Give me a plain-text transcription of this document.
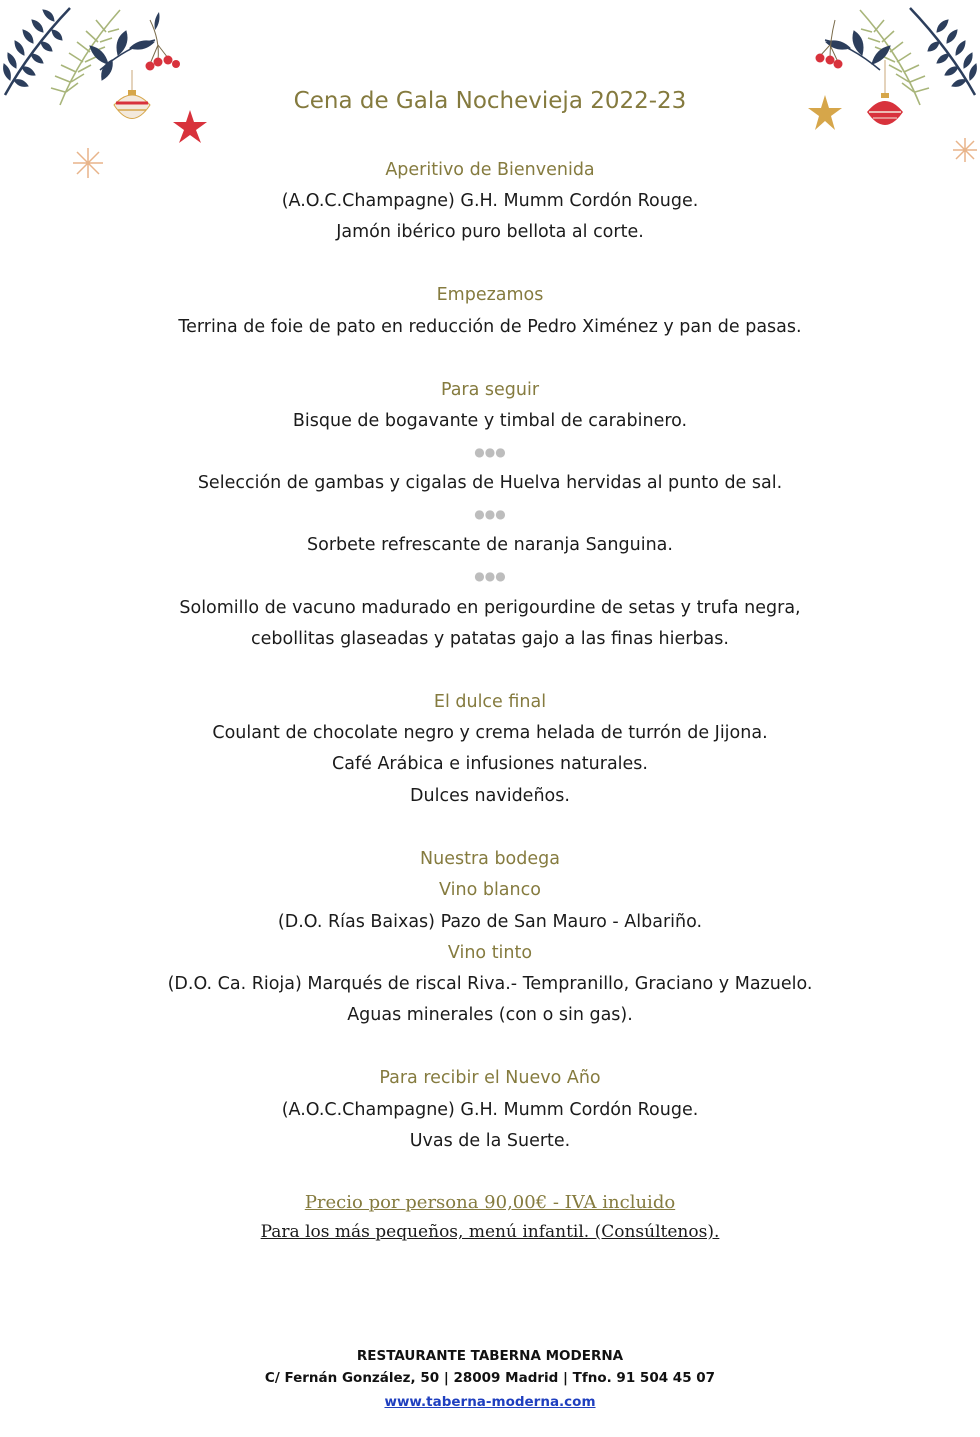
Cena de Gala Nochevieja 2022-23
Aperitivo de Bienvenida
(A.O.C.Champagne) G.H. Mumm Cordón Rouge.
Jamón ibérico puro bellota al corte.
Empezamos
Terrina de foie de pato en reducción de Pedro Ximénez y pan de pasas.
Para seguir
Bisque de bogavante y timbal de carabinero.
●●●
Selección de gambas y cigalas de Huelva hervidas al punto de sal.
●●●
Sorbete refrescante de naranja Sanguina.
●●●
Solomillo de vacuno madurado en perigourdine de setas y trufa negra,
cebollitas glaseadas y patatas gajo a las finas hierbas.
El dulce final
Coulant de chocolate negro y crema helada de turrón de Jijona.
Café Arábica e infusiones naturales.
Dulces navideños.
Nuestra bodega
Vino blanco
(D.O. Rías Baixas) Pazo de San Mauro - Albariño.
Vino tinto
(D.O. Ca. Rioja) Marqués de riscal Riva.- Tempranillo, Graciano y Mazuelo.
Aguas minerales (con o sin gas).
Para recibir el Nuevo Año
(A.O.C.Champagne) G.H. Mumm Cordón Rouge.
Uvas de la Suerte.
Precio por persona 90,00€ - IVA incluido
Para los más pequeños, menú infantil. (Consúltenos).
RESTAURANTE TABERNA MODERNA
C/ Fernán González, 50 | 28009 Madrid | Tfno. 91 504 45 07
www.taberna-moderna.com
